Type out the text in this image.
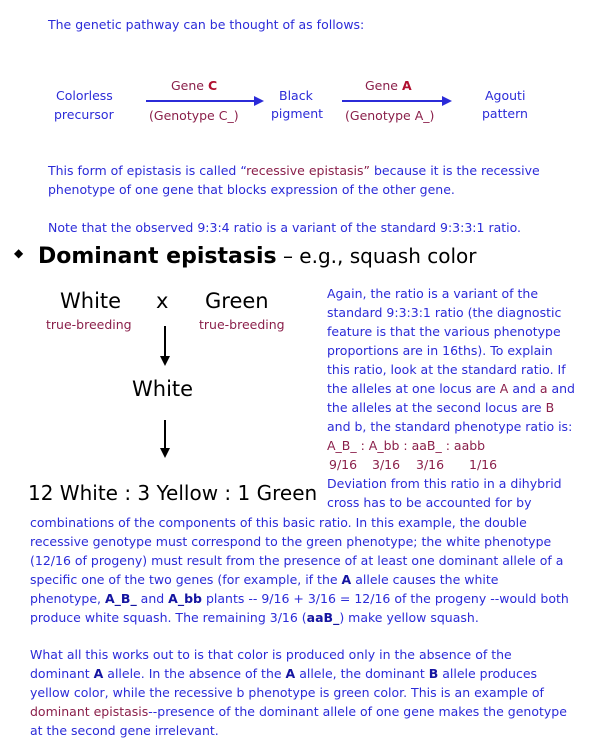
The genetic pathway can be thought of as follows:
Colorless
precursor
Gene C
(Genotype C_)
Black
pigment
Gene A
(Genotype A_)
Agouti
pattern
This form of epistasis is called “recessive epistasis” because it is the recessive
phenotype of one gene that blocks expression of the other gene.
Note that the observed 9:3:4 ratio is a variant of the standard 9:3:3:1 ratio.
◆ Dominant epistasis – e.g., squash color
White
true-breeding
x Green
true-breeding
White
12 White : 3 Yellow : 1 Green
Again, the ratio is a variant of the
standard 9:3:3:1 ratio (the diagnostic
feature is that the various phenotype
proportions are in 16ths). To explain
this ratio, look at the standard ratio. If
the alleles at one locus are A and a and
the alleles at the second locus are B
and b, the standard phenotype ratio is:
A_B_ : A_bb : aaB_ : aabb
9/16 3/16 3/16 1/16
Deviation from this ratio in a dihybrid
cross has to be accounted for by
combinations of the components of this basic ratio. In this example, the double
recessive genotype must correspond to the green phenotype; the white phenotype
(12/16 of progeny) must result from the presence of at least one dominant allele of a
specific one of the two genes (for example, if the A allele causes the white
phenotype, A_B_ and A_bb plants -- 9/16 + 3/16 = 12/16 of the progeny --would both
produce white squash. The remaining 3/16 (aaB_) make yellow squash.
What all this works out to is that color is produced only in the absence of the
dominant A allele. In the absence of the A allele, the dominant B allele produces
yellow color, while the recessive b phenotype is green color. This is an example of
dominant epistasis--presence of the dominant allele of one gene makes the genotype
at the second gene irrelevant.
